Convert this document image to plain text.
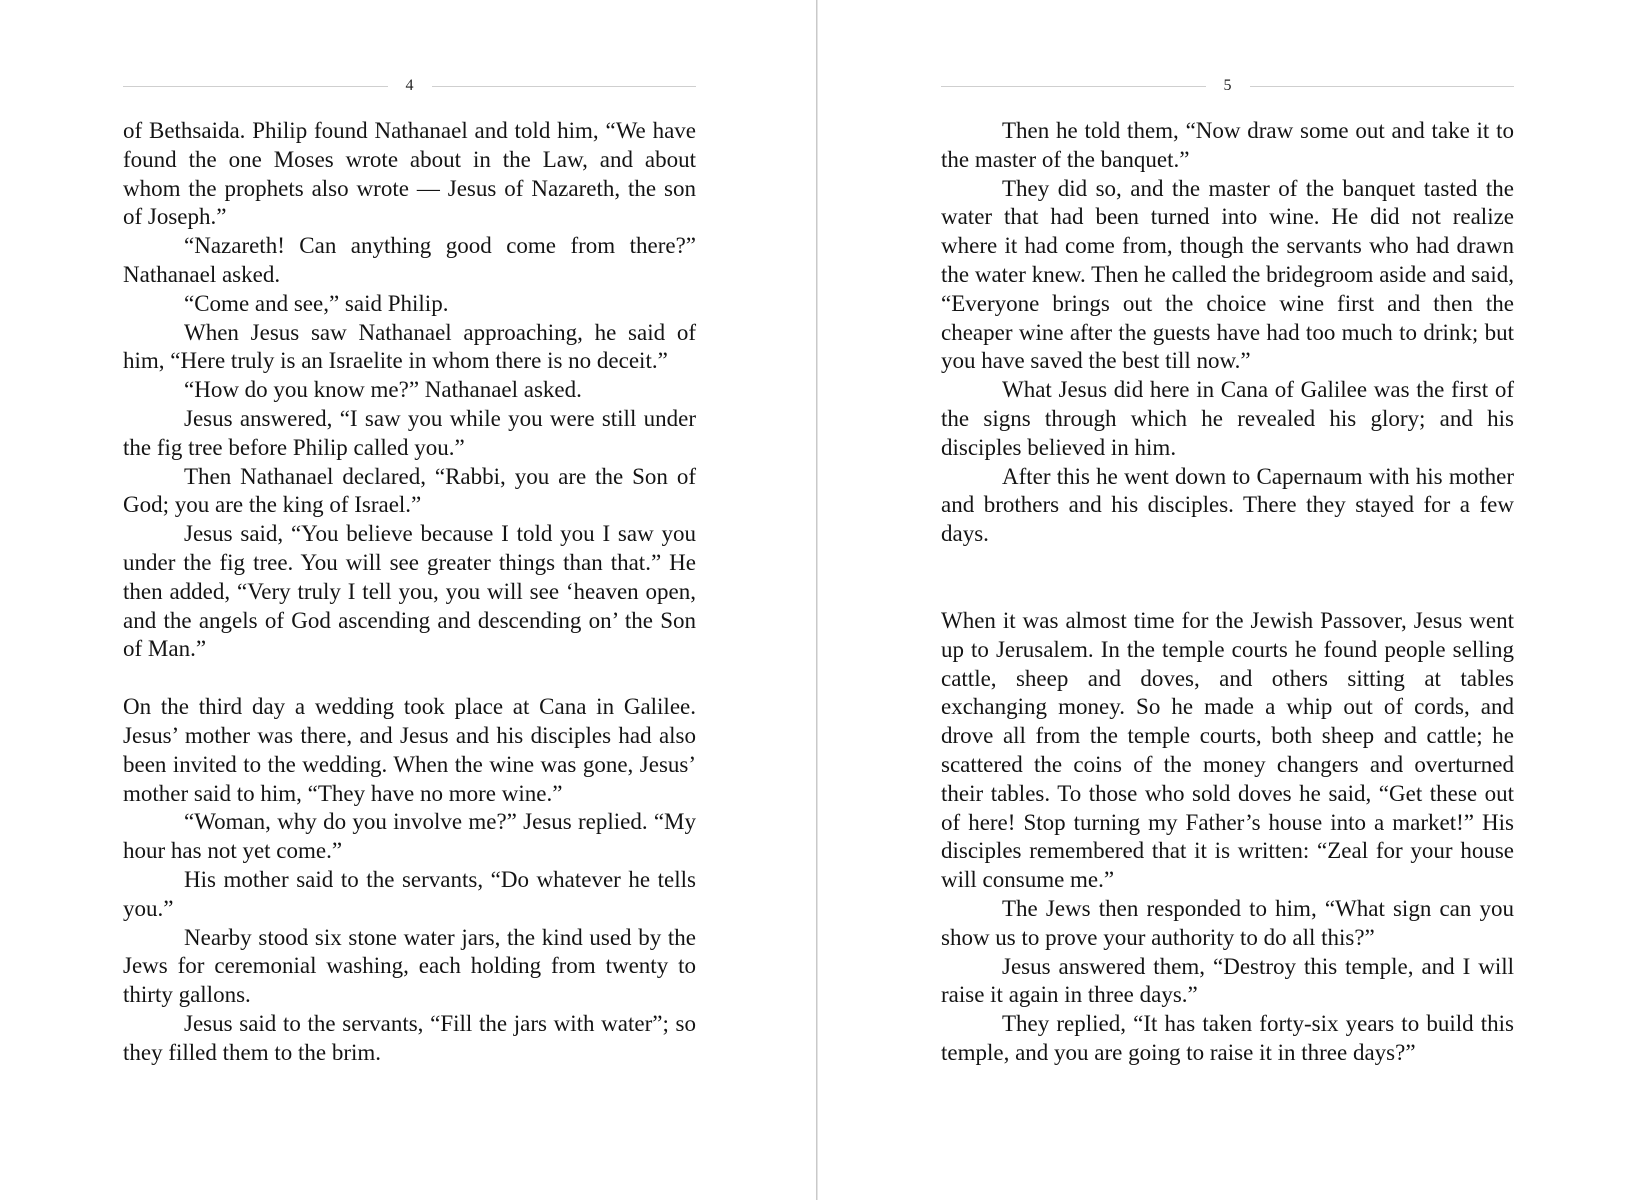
4

of Bethsaida. Philip found Nathanael and told him, “We have found the one Moses wrote about in the Law, and about whom the prophets also wrote — Jesus of Nazareth, the son of Joseph.”

“Nazareth! Can anything good come from there?” Nathanael asked.

“Come and see,” said Philip.

When Jesus saw Nathanael approaching, he said of him, “Here truly is an Israelite in whom there is no deceit.”

“How do you know me?” Nathanael asked.

Jesus answered, “I saw you while you were still under the fig tree before Philip called you.”

Then Nathanael declared, “Rabbi, you are the Son of God; you are the king of Israel.”

Jesus said, “You believe because I told you I saw you under the fig tree. You will see greater things than that.” He then added, “Very truly I tell you, you will see ‘heaven open, and the angels of God ascending and descending on’ the Son of Man.”

On the third day a wedding took place at Cana in Galilee. Jesus’ mother was there, and Jesus and his disciples had also been invited to the wedding. When the wine was gone, Jesus’ mother said to him, “They have no more wine.”

“Woman, why do you involve me?” Jesus replied. “My hour has not yet come.”

His mother said to the servants, “Do whatever he tells you.”

Nearby stood six stone water jars, the kind used by the Jews for ceremonial washing, each holding from twenty to thirty gallons.

Jesus said to the servants, “Fill the jars with water”; so they filled them to the brim.

5

Then he told them, “Now draw some out and take it to the master of the banquet.”

They did so, and the master of the banquet tasted the water that had been turned into wine. He did not realize where it had come from, though the servants who had drawn the water knew. Then he called the bridegroom aside and said, “Everyone brings out the choice wine first and then the cheaper wine after the guests have had too much to drink; but you have saved the best till now.”

What Jesus did here in Cana of Galilee was the first of the signs through which he revealed his glory; and his disciples believed in him.

After this he went down to Capernaum with his mother and brothers and his disciples. There they stayed for a few days.

When it was almost time for the Jewish Passover, Jesus went up to Jerusalem. In the temple courts he found people selling cattle, sheep and doves, and others sitting at tables exchanging money. So he made a whip out of cords, and drove all from the temple courts, both sheep and cattle; he scattered the coins of the money changers and overturned their tables. To those who sold doves he said, “Get these out of here! Stop turning my Father’s house into a market!” His disciples remembered that it is written: “Zeal for your house will consume me.”

The Jews then responded to him, “What sign can you show us to prove your authority to do all this?”

Jesus answered them, “Destroy this temple, and I will raise it again in three days.”

They replied, “It has taken forty-six years to build this temple, and you are going to raise it in three days?”
